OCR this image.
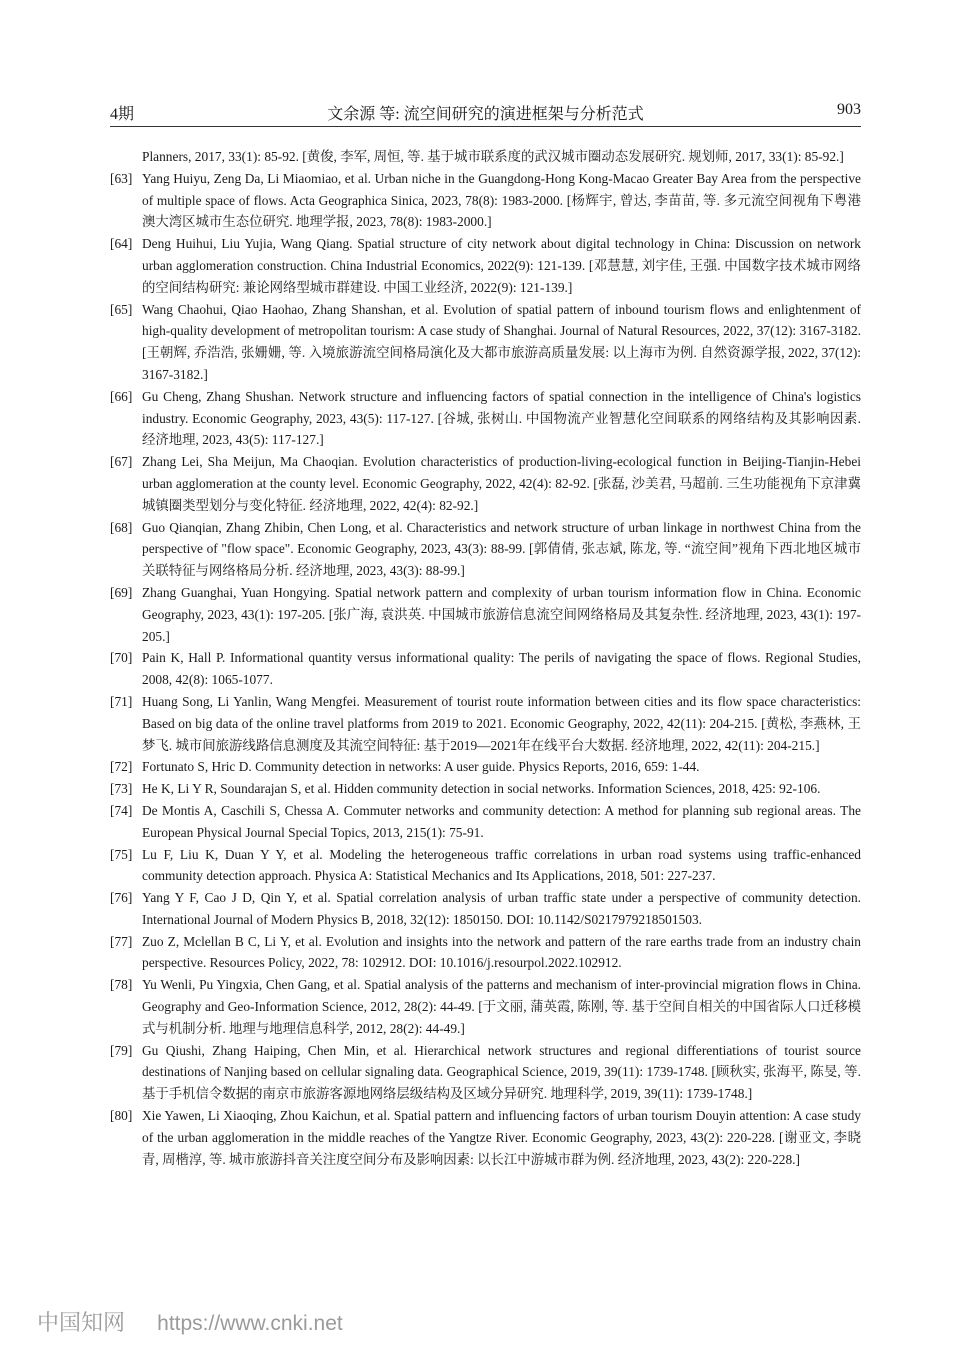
4期	文余源 等: 流空间研究的演进框架与分析范式	903
Planners, 2017, 33(1): 85-92. [黄俊, 李军, 周恒, 等. 基于城市联系度的武汉城市圈动态发展研究. 规划师, 2017, 33(1): 85-92.]
[63] Yang Huiyu, Zeng Da, Li Miaomiao, et al. Urban niche in the Guangdong-Hong Kong-Macao Greater Bay Area from the perspective of multiple space of flows. Acta Geographica Sinica, 2023, 78(8): 1983-2000. [杨辉宇, 曾达, 李苗苗, 等. 多元流空间视角下粤港澳大湾区城市生态位研究. 地理学报, 2023, 78(8): 1983-2000.]
[64] Deng Huihui, Liu Yujia, Wang Qiang. Spatial structure of city network about digital technology in China: Discussion on network urban agglomeration construction. China Industrial Economics, 2022(9): 121-139. [邓慧慧, 刘宇佳, 王强. 中国数字技术城市网络的空间结构研究: 兼论网络型城市群建设. 中国工业经济, 2022(9): 121-139.]
[65] Wang Chaohui, Qiao Haohao, Zhang Shanshan, et al. Evolution of spatial pattern of inbound tourism flows and enlightenment of high-quality development of metropolitan tourism: A case study of Shanghai. Journal of Natural Resources, 2022, 37(12): 3167-3182. [王朝辉, 乔浩浩, 张姗姗, 等. 入境旅游流空间格局演化及大都市旅游高质量发展: 以上海市为例. 自然资源学报, 2022, 37(12): 3167-3182.]
[66] Gu Cheng, Zhang Shushan. Network structure and influencing factors of spatial connection in the intelligence of China's logistics industry. Economic Geography, 2023, 43(5): 117-127. [谷城, 张树山. 中国物流产业智慧化空间联系的网络结构及其影响因素. 经济地理, 2023, 43(5): 117-127.]
[67] Zhang Lei, Sha Meijun, Ma Chaoqian. Evolution characteristics of production-living-ecological function in Beijing-Tianjin-Hebei urban agglomeration at the county level. Economic Geography, 2022, 42(4): 82-92. [张磊, 沙美君, 马超前. 三生功能视角下京津冀城镇圈类型划分与变化特征. 经济地理, 2022, 42(4): 82-92.]
[68] Guo Qianqian, Zhang Zhibin, Chen Long, et al. Characteristics and network structure of urban linkage in northwest China from the perspective of "flow space". Economic Geography, 2023, 43(3): 88-99. [郭倩倩, 张志斌, 陈龙, 等. “流空间”视角下西北地区城市关联特征与网络格局分析. 经济地理, 2023, 43(3): 88-99.]
[69] Zhang Guanghai, Yuan Hongying. Spatial network pattern and complexity of urban tourism information flow in China. Economic Geography, 2023, 43(1): 197-205. [张广海, 袁洪英. 中国城市旅游信息流空间网络格局及其复杂性. 经济地理, 2023, 43(1): 197-205.]
[70] Pain K, Hall P. Informational quantity versus informational quality: The perils of navigating the space of flows. Regional Studies, 2008, 42(8): 1065-1077.
[71] Huang Song, Li Yanlin, Wang Mengfei. Measurement of tourist route information between cities and its flow space characteristics: Based on big data of the online travel platforms from 2019 to 2021. Economic Geography, 2022, 42(11): 204-215. [黄松, 李燕林, 王梦飞. 城市间旅游线路信息测度及其流空间特征: 基于2019—2021年在线平台大数据. 经济地理, 2022, 42(11): 204-215.]
[72] Fortunato S, Hric D. Community detection in networks: A user guide. Physics Reports, 2016, 659: 1-44.
[73] He K, Li Y R, Soundarajan S, et al. Hidden community detection in social networks. Information Sciences, 2018, 425: 92-106.
[74] De Montis A, Caschili S, Chessa A. Commuter networks and community detection: A method for planning sub regional areas. The European Physical Journal Special Topics, 2013, 215(1): 75-91.
[75] Lu F, Liu K, Duan Y Y, et al. Modeling the heterogeneous traffic correlations in urban road systems using traffic-enhanced community detection approach. Physica A: Statistical Mechanics and Its Applications, 2018, 501: 227-237.
[76] Yang Y F, Cao J D, Qin Y, et al. Spatial correlation analysis of urban traffic state under a perspective of community detection. International Journal of Modern Physics B, 2018, 32(12): 1850150. DOI: 10.1142/S0217979218501503.
[77] Zuo Z, Mclellan B C, Li Y, et al. Evolution and insights into the network and pattern of the rare earths trade from an industry chain perspective. Resources Policy, 2022, 78: 102912. DOI: 10.1016/j.resourpol.2022.102912.
[78] Yu Wenli, Pu Yingxia, Chen Gang, et al. Spatial analysis of the patterns and mechanism of inter-provincial migration flows in China. Geography and Geo-Information Science, 2012, 28(2): 44-49. [于文丽, 蒲英霞, 陈刚, 等. 基于空间自相关的中国省际人口迁移模式与机制分析. 地理与地理信息科学, 2012, 28(2): 44-49.]
[79] Gu Qiushi, Zhang Haiping, Chen Min, et al. Hierarchical network structures and regional differentiations of tourist source destinations of Nanjing based on cellular signaling data. Geographical Science, 2019, 39(11): 1739-1748. [顾秋实, 张海平, 陈旻, 等. 基于手机信令数据的南京市旅游客源地网络层级结构及区域分异研究. 地理科学, 2019, 39(11): 1739-1748.]
[80] Xie Yawen, Li Xiaoqing, Zhou Kaichun, et al. Spatial pattern and influencing factors of urban tourism Douyin attention: A case study of the urban agglomeration in the middle reaches of the Yangtze River. Economic Geography, 2023, 43(2): 220-228. [谢亚文, 李晓青, 周楷淳, 等. 城市旅游抖音关注度空间分布及影响因素: 以长江中游城市群为例. 经济地理, 2023, 43(2): 220-228.]
中国知网 https://www.cnki.net
